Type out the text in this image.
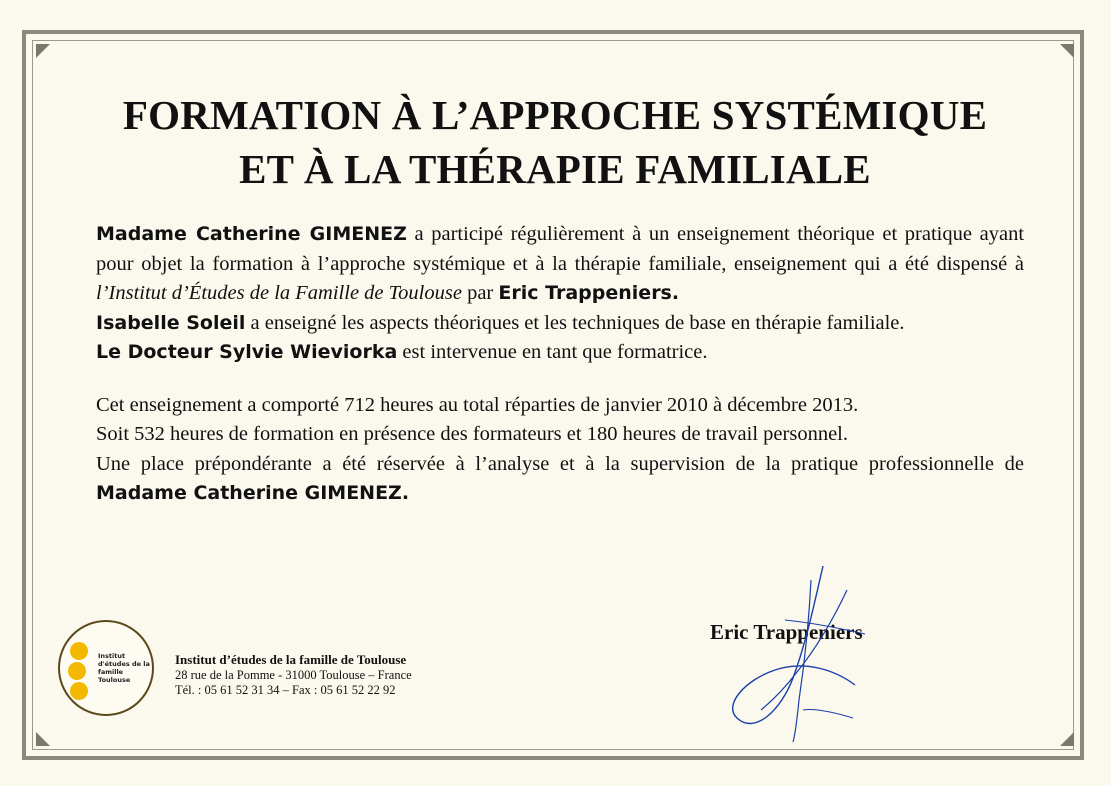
FORMATION À L’APPROCHE SYSTÉMIQUE
ET À LA THÉRAPIE FAMILIALE

Madame Catherine GIMENEZ a participé régulièrement à un enseignement théorique et pratique ayant pour objet la formation à l’approche systémique et à la thérapie familiale, enseignement qui a été dispensé à l’Institut d’Études de la Famille de Toulouse par Eric Trappeniers.

Isabelle Soleil a enseigné les aspects théoriques et les techniques de base en thérapie familiale.

Le Docteur Sylvie Wieviorka est intervenue en tant que formatrice.

Cet enseignement a comporté 712 heures au total réparties de janvier 2010 à décembre 2013.

Soit 532 heures de formation en présence des formateurs et 180 heures de travail personnel.

Une place prépondérante a été réservée à l’analyse et à la supervision de la pratique professionnelle de Madame Catherine GIMENEZ.

Institut d'études de la famille Toulouse
Institut d’études de la famille de Toulouse
28 rue de la Pomme - 31000 Toulouse – France
Tél. : 05 61 52 31 34 – Fax : 05 61 52 22 92
Eric Trappeniers
